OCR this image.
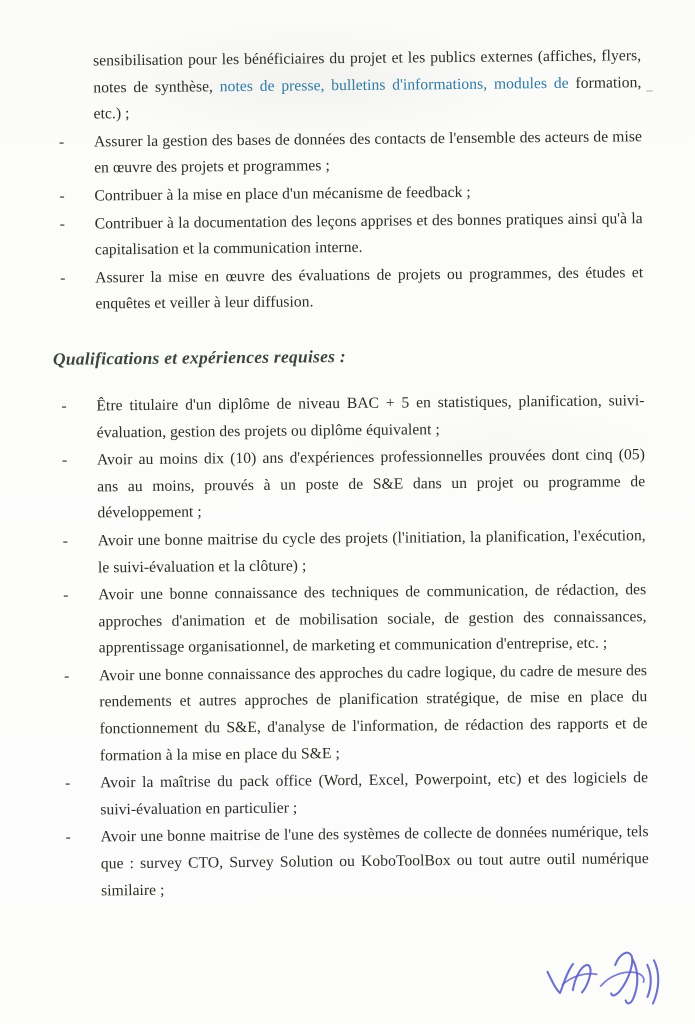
sensibilisation pour les bénéficiaires du projet et les publics externes (affiches, flyers, notes de synthèse, notes de presse, bulletins d'informations, modules de formation, etc.) ;

- Assurer la gestion des bases de données des contacts de l'ensemble des acteurs de mise en œuvre des projets et programmes ;
- Contribuer à la mise en place d'un mécanisme de feedback ;
- Contribuer à la documentation des leçons apprises et des bonnes pratiques ainsi qu'à la capitalisation et la communication interne.
- Assurer la mise en œuvre des évaluations de projets ou programmes, des études et enquêtes et veiller à leur diffusion.
Qualifications et expériences requises :
- Être titulaire d'un diplôme de niveau BAC + 5 en statistiques, planification, suivi-évaluation, gestion des projets ou diplôme équivalent ;
- Avoir au moins dix (10) ans d'expériences professionnelles prouvées dont cinq (05) ans au moins, prouvés à un poste de S&E dans un projet ou programme de développement ;
- Avoir une bonne maitrise du cycle des projets (l'initiation, la planification, l'exécution, le suivi-évaluation et la clôture) ;
- Avoir une bonne connaissance des techniques de communication, de rédaction, des approches d'animation et de mobilisation sociale, de gestion des connaissances, apprentissage organisationnel, de marketing et communication d'entreprise, etc. ;
- Avoir une bonne connaissance des approches du cadre logique, du cadre de mesure des rendements et autres approches de planification stratégique, de mise en place du fonctionnement du S&E, d'analyse de l'information, de rédaction des rapports et de formation à la mise en place du S&E ;
- Avoir la maîtrise du pack office (Word, Excel, Powerpoint, etc) et des logiciels de suivi-évaluation en particulier ;
- Avoir une bonne maitrise de l'une des systèmes de collecte de données numérique, tels que : survey CTO, Survey Solution ou KoboToolBox ou tout autre outil numérique similaire ;
